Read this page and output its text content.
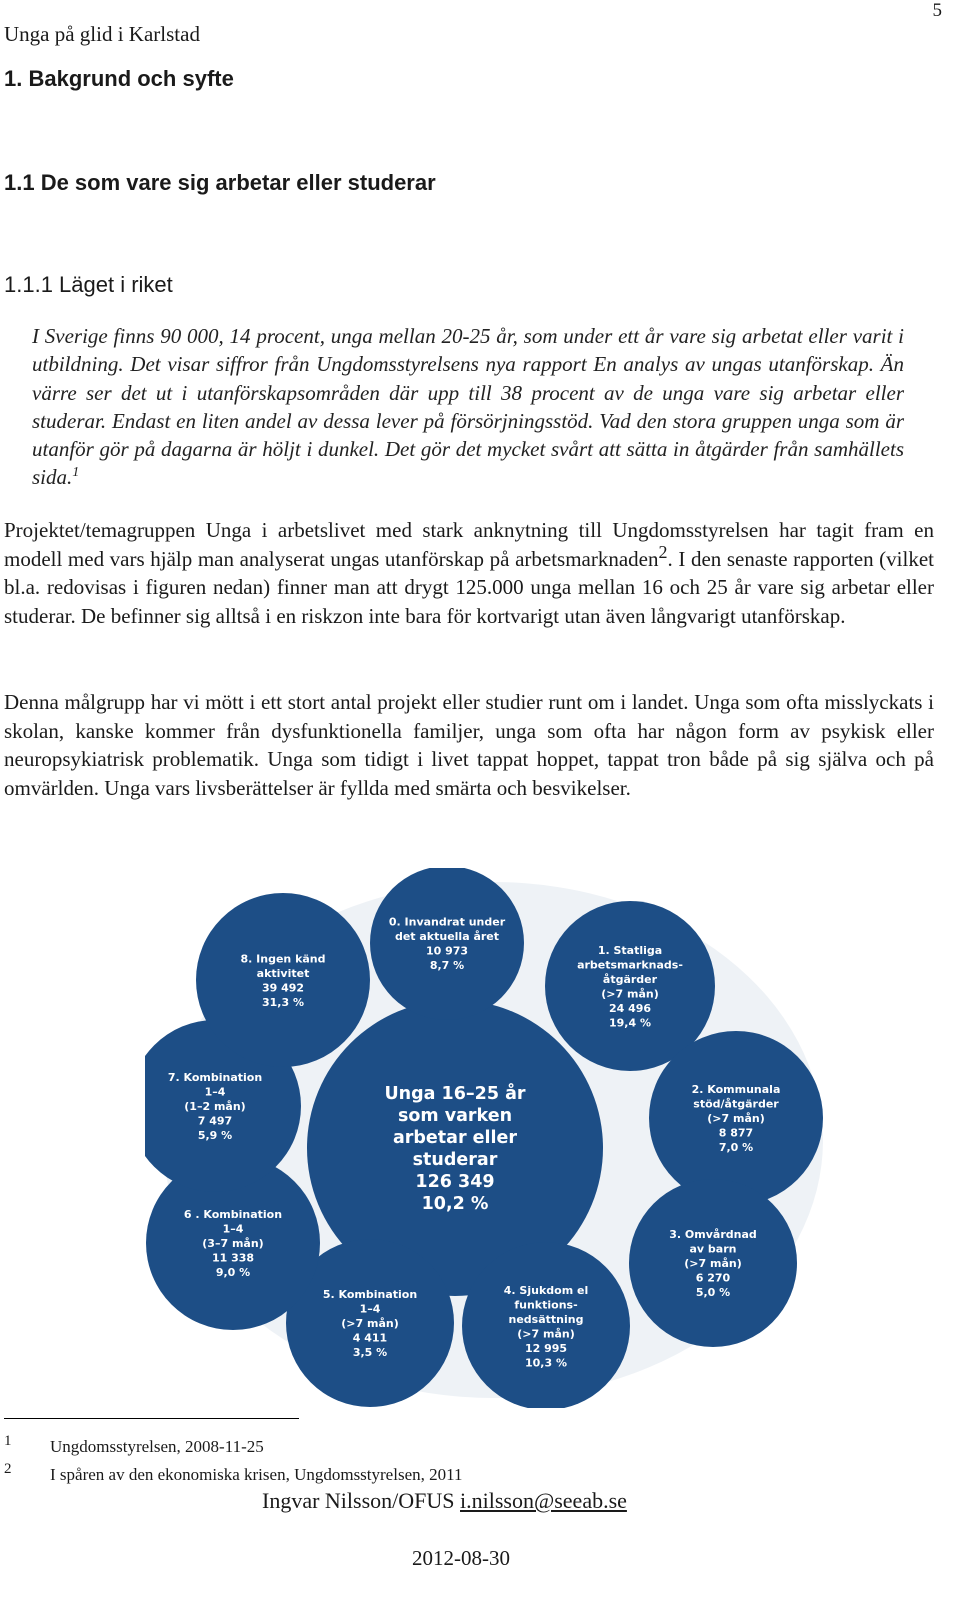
Unga på glid i Karlstad
5
1. Bakgrund och syfte
1.1 De som vare sig arbetar eller studerar
1.1.1 Läget i riket
I Sverige finns 90 000, 14 procent, unga mellan 20-25 år, som under ett år vare sig arbetat eller varit i utbildning. Det visar siffror från Ungdomsstyrelsens nya rapport En analys av ungas utanförskap. Än värre ser det ut i utanförskapsområden där upp till 38 procent av de unga vare sig arbetar eller studerar. Endast en liten andel av dessa lever på försörjningsstöd. Vad den stora gruppen unga som är utanför gör på dagarna är höljt i dunkel. Det gör det mycket svårt att sätta in åtgärder från samhällets sida.$^1$
Projektet/temagruppen Unga i arbetslivet med stark anknytning till Ungdomsstyrelsen har tagit fram en modell med vars hjälp man analyserat ungas utanförskap på arbetsmarknaden$^2$. I den senaste rapporten (vilket bl.a. redovisas i figuren nedan) finner man att drygt 125.000 unga mellan 16 och 25 år vare sig arbetar eller studerar. De befinner sig alltså i en riskzon inte bara för kortvarigt utan även långvarigt utanförskap.
Denna målgrupp har vi mött i ett stort antal projekt eller studier runt om i landet. Unga som ofta misslyckats i skolan, kanske kommer från dysfunktionella familjer, unga som ofta har någon form av psykisk eller neuropsykiatrisk problematik. Unga som tidigt i livet tappat hoppet, tappat tron både på sig själva och på omvärlden. Unga vars livsberättelser är fyllda med smärta och besvikelser.
Unga 16–25 år
som varken
arbetar eller
studerar
126 349
10,2 %
0. Invandrat under
det aktuella året
10 973
8,7 %
1. Statliga
arbetsmarknads-
åtgärder
(>7 mån)
24 496
19,4 %
2. Kommunala
stöd/åtgärder
(>7 mån)
8 877
7,0 %
3. Omvårdnad
av barn
(>7 mån)
6 270
5,0 %
4. Sjukdom el
funktions-
nedsättning
(>7 mån)
12 995
10,3 %
5. Kombination
1–4
(>7 mån)
4 411
3,5 %
6 . Kombination
1–4
(3–7 mån)
11 338
9,0 %
7. Kombination
1–4
(1–2 mån)
7 497
5,9 %
8. Ingen känd
aktivitet
39 492
31,3 %
1 Ungdomsstyrelsen, 2008-11-25
2 I spåren av den ekonomiska krisen, Ungdomsstyrelsen, 2011
Ingvar Nilsson/OFUS i.nilsson@seeab.se
2012-08-30
